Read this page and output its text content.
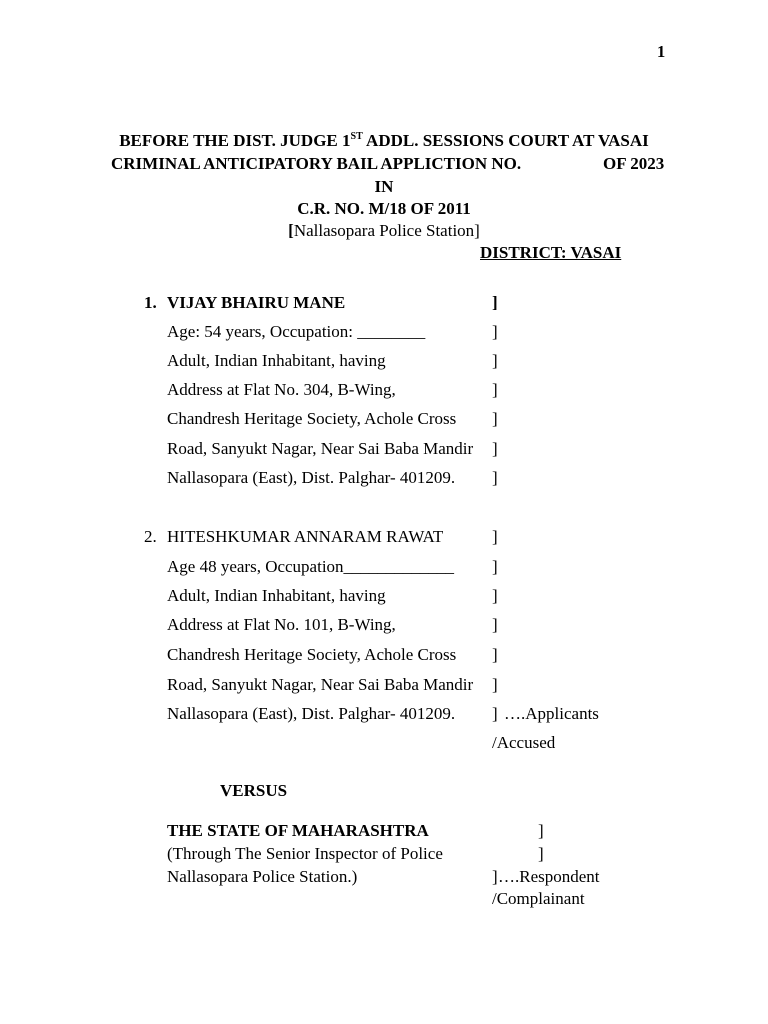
1
BEFORE THE DIST. JUDGE 1ST ADDL. SESSIONS COURT AT VASAI
CRIMINAL ANTICIPATORY BAIL APPLICTION NO.	OF 2023
IN
C.R. NO. M/18 OF 2011
[Nallasopara Police Station]
DISTRICT: VASAI
1. VIJAY BHAIRU MANE	]
Age: 54 years, Occupation: ________	]
Adult, Indian Inhabitant, having	]
Address at Flat No. 304, B-Wing,	]
Chandresh Heritage Society, Achole Cross ]
Road, Sanyukt Nagar, Near Sai Baba Mandir ]
Nallasopara (East), Dist. Palghar- 401209. ]
2. HITESHKUMAR ANNARAM RAWAT	]
Age 48 years, Occupation_____________ ]
Adult, Indian Inhabitant, having	]
Address at Flat No. 101, B-Wing,	]
Chandresh Heritage Society, Achole Cross ]
Road, Sanyukt Nagar, Near Sai Baba Mandir ]
Nallasopara (East), Dist. Palghar- 401209. ] ….Applicants
/Accused
VERSUS
THE STATE OF MAHARASHTRA	]
(Through The Senior Inspector of Police	]
Nallasopara Police Station.)	] ….Respondent
/Complainant
